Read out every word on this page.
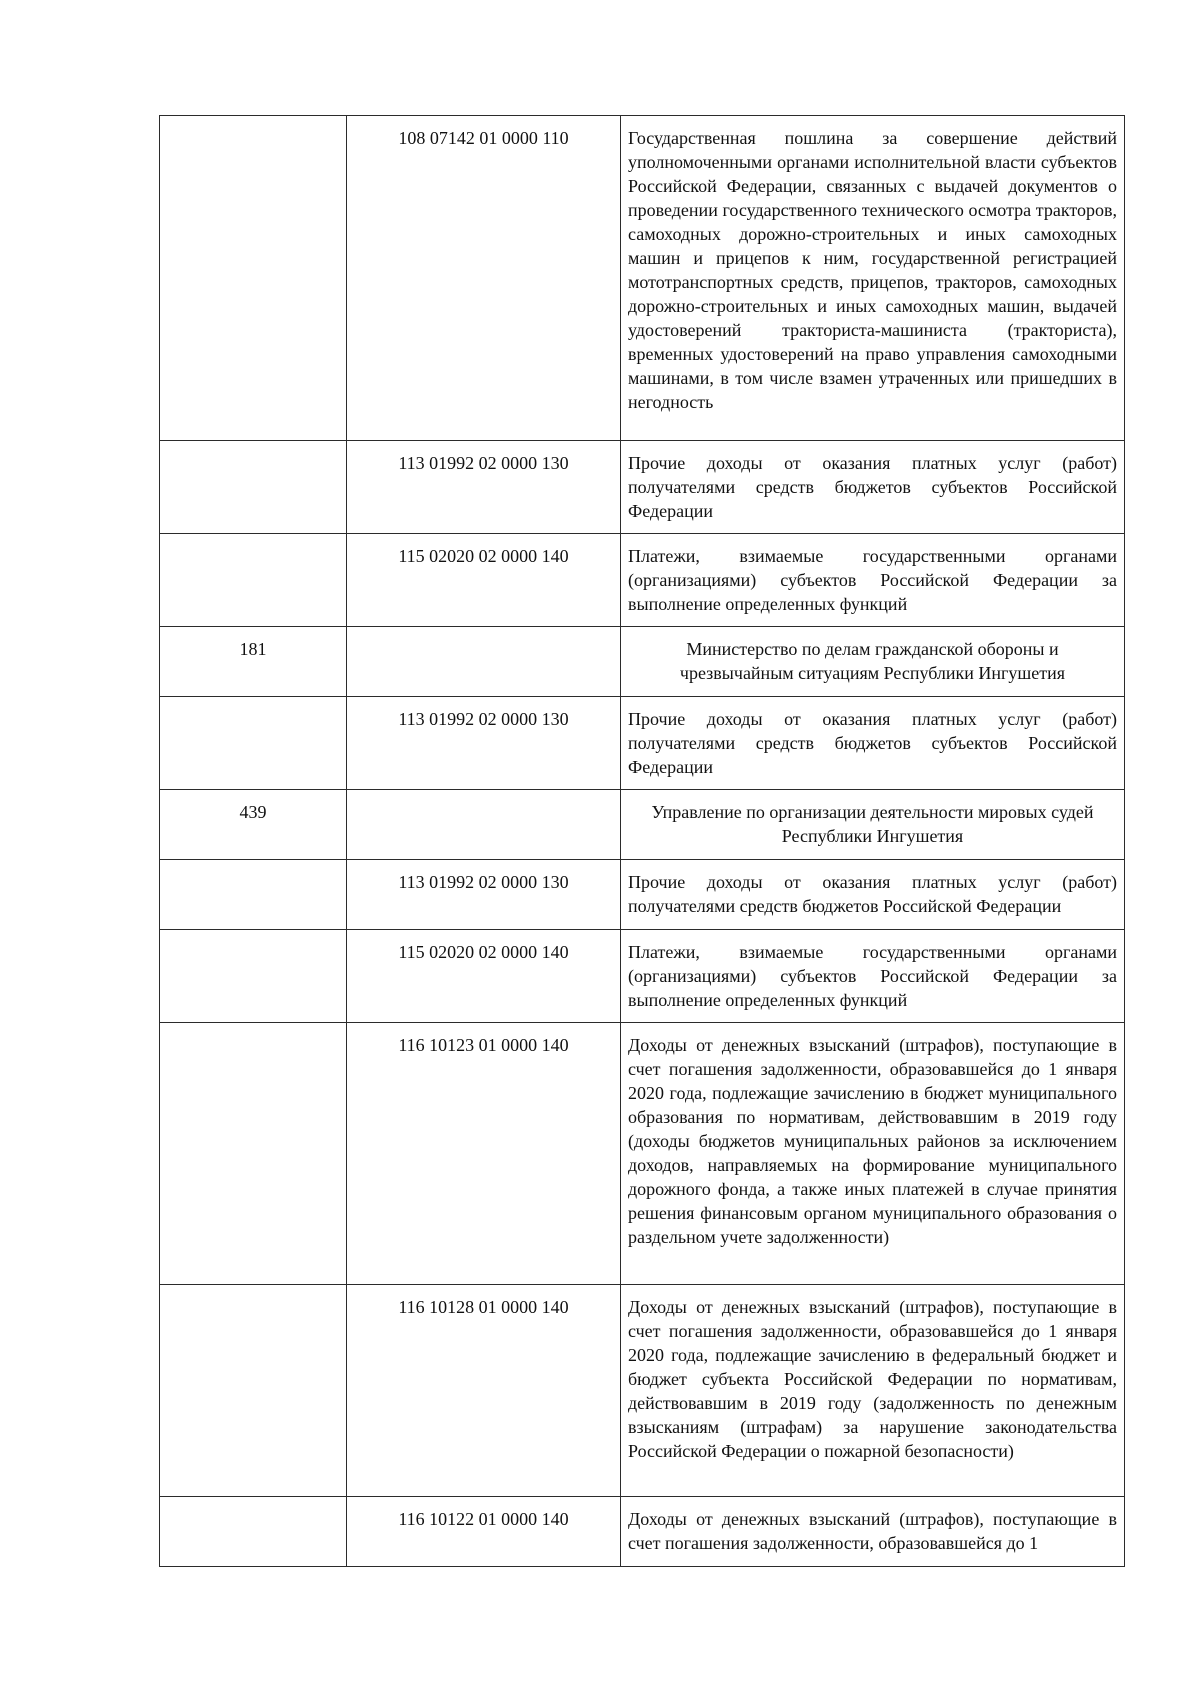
	108 07142 01 0000 110	Государственная пошлина за совершение действий уполномоченными органами исполнительной власти субъектов Российской Федерации, связанных с выдачей документов о проведении государственного технического осмотра тракторов, самоходных дорожно-строительных и иных самоходных машин и прицепов к ним, государственной регистрацией мототранспортных средств, прицепов, тракторов, самоходных дорожно-строительных и иных самоходных машин, выдачей удостоверений тракториста-машиниста (тракториста), временных удостоверений на право управления самоходными машинами, в том числе взамен утраченных или пришедших в негодность
	113 01992 02 0000 130	Прочие доходы от оказания платных услуг (работ) получателями средств бюджетов субъектов Российской Федерации
	115 02020 02 0000 140	Платежи, взимаемые государственными органами (организациями) субъектов Российской Федерации за выполнение определенных функций
181		Министерство по делам гражданской обороны и чрезвычайным ситуациям Республики Ингушетия
	113 01992 02 0000 130	Прочие доходы от оказания платных услуг (работ) получателями средств бюджетов субъектов Российской Федерации
439		Управление по организации деятельности мировых судей Республики Ингушетия
	113 01992 02 0000 130	Прочие доходы от оказания платных услуг (работ) получателями средств бюджетов Российской Федерации
	115 02020 02 0000 140	Платежи, взимаемые государственными органами (организациями) субъектов Российской Федерации за выполнение определенных функций
	116 10123 01 0000 140	Доходы от денежных взысканий (штрафов), поступающие в счет погашения задолженности, образовавшейся до 1 января 2020 года, подлежащие зачислению в бюджет муниципального образования по нормативам, действовавшим в 2019 году (доходы бюджетов муниципальных районов за исключением доходов, направляемых на формирование муниципального дорожного фонда, а также иных платежей в случае принятия решения финансовым органом муниципального образования о раздельном учете задолженности)
	116 10128 01 0000 140	Доходы от денежных взысканий (штрафов), поступающие в счет погашения задолженности, образовавшейся до 1 января 2020 года, подлежащие зачислению в федеральный бюджет и бюджет субъекта Российской Федерации по нормативам, действовавшим в 2019 году (задолженность по денежным взысканиям (штрафам) за нарушение законодательства Российской Федерации о пожарной безопасности)
	116 10122 01 0000 140	Доходы от денежных взысканий (штрафов), поступающие в счет погашения задолженности, образовавшейся до 1
